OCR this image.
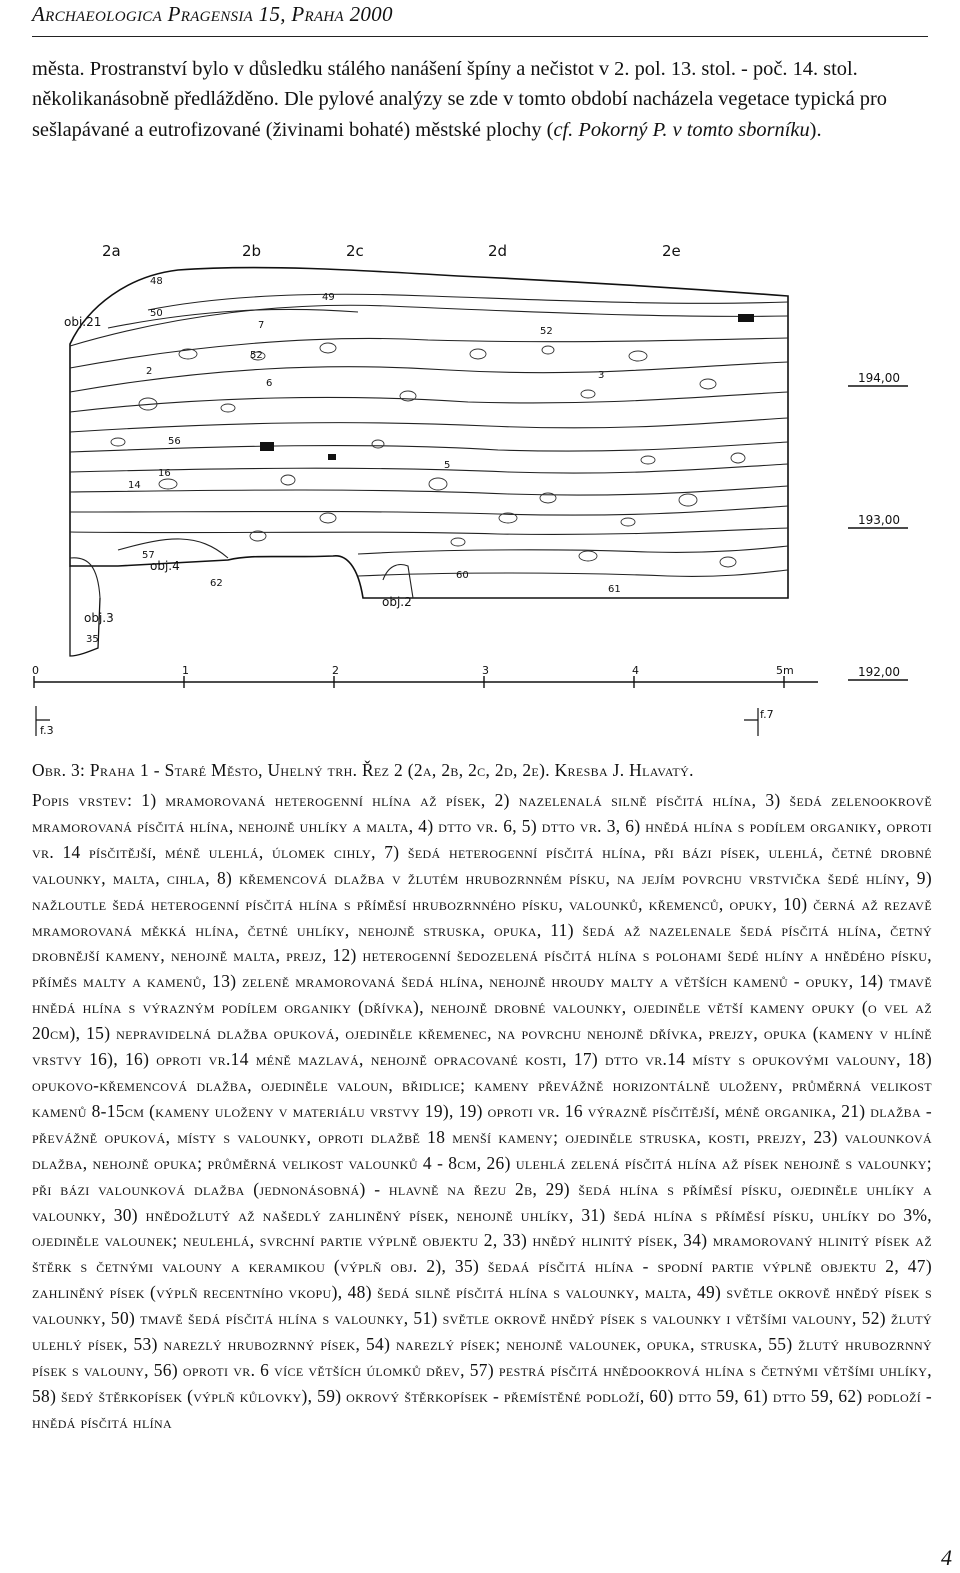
Archaeologica Pragensia 15, Praha 2000

města. Prostranství bylo v důsledku stálého nanášení špíny a nečistot v 2. pol. 13. stol. - poč. 14. stol. několikanásobně předlážděno. Dle pylové analýzy se zde v tomto období nacházela vegetace typická pro sešlapávané a eutrofizované (živinami bohaté) městské plochy (cf. Pokorný P. v tomto sborníku).

2a	2b	2c	2d	2e
48
50
49
7
52
52
2
6
56
16
14
57
62
35
60
61
3
5
obj.21
obj.4
obj.3
obj.2
194,00
193,00
192,00
0	1	2	3	4	5m
f.3
f.7
Obr. 3: Praha 1 - Staré Město, Uhelný trh. Řez 2 (2a, 2b, 2c, 2d, 2e). Kresba J. Hlavatý.

Popis vrstev: 1) mramorovaná heterogenní hlína až písek, 2) nazelenalá silně písčitá hlína, 3) šedá zelenookrově mramorovaná písčitá hlína, nehojně uhlíky a malta, 4) dtto vr. 6, 5) dtto vr. 3, 6) hnědá hlína s podílem organiky, oproti vr. 14 písčitější, méně ulehlá, úlomek cihly, 7) šedá heterogenní písčitá hlína, při bázi písek, ulehlá, četné drobné valounky, malta, cihla, 8) křemencová dlažba v žlutém hrubozrnném písku, na jejím povrchu vrstvička šedé hlíny, 9) nažloutle šedá heterogenní písčitá hlína s příměsí hrubozrnného písku, valounků, křemenců, opuky, 10) černá až rezavě mramorovaná měkká hlína, četné uhlíky, nehojně struska, opuka, 11) šedá až nazelenale šedá písčitá hlína, četný drobnější kameny, nehojně malta, prejz, 12) heterogenní šedozelená písčitá hlína s polohami šedé hlíny a hnědého písku, příměs malty a kamenů, 13) zeleně mramorovaná šedá hlína, nehojně hroudy malty a větších kamenů - opuky, 14) tmavě hnědá hlína s výrazným podílem organiky (dřívka), nehojně drobné valounky, ojediněle větší kameny opuky (o vel až 20cm), 15) nepravidelná dlažba opuková, ojediněle křemenec, na povrchu nehojně dřívka, prejzy, opuka (kameny v hlíně vrstvy 16), 16) oproti vr.14 méně mazlavá, nehojně opracované kosti, 17) dtto vr.14 místy s opukovými valouny, 18) opukovo-křemencová dlažba, ojediněle valoun, břidlice; kameny převážně horizontálně uloženy, průměrná velikost kamenů 8-15cm (kameny uloženy v materiálu vrstvy 19), 19) oproti vr. 16 výrazně písčitější, méně organika, 21) dlažba - převážně opuková, místy s valounky, oproti dlažbě 18 menší kameny; ojediněle struska, kosti, prejzy, 23) valounková dlažba, nehojně opuka; průměrná velikost valounků 4 - 8cm, 26) ulehlá zelená písčitá hlína až písek nehojně s valounky; při bázi valounková dlažba (jednonásobná) - hlavně na řezu 2b, 29) šedá hlína s příměsí písku, ojediněle uhlíky a valounky, 30) hnědožlutý až našedlý zahliněný písek, nehojně uhlíky, 31) šedá hlína s příměsí písku, uhlíky do 3%, ojediněle valounek; neulehlá, svrchní partie výplně objektu 2, 33) hnědý hlinitý písek, 34) mramorovaný hlinitý písek až štěrk s četnými valouny a keramikou (výplň obj. 2), 35) šedaá písčitá hlína - spodní partie výplně objektu 2, 47) zahliněný písek (výplň recentního vkopu), 48) šedá silně písčitá hlína s valounky, malta, 49) světle okrově hnědý písek s valounky, 50) tmavě šedá písčitá hlína s valounky, 51) světle okrově hnědý písek s valounky i většími valouny, 52) žlutý ulehlý písek, 53) narezlý hrubozrnný písek, 54) narezlý písek; nehojně valounek, opuka, struska, 55) žlutý hrubozrnný písek s valouny, 56) oproti vr. 6 více větších úlomků dřev, 57) pestrá písčitá hnědookrová hlína s četnými většími uhlíky, 58) šedý štěrkopísek (výplň kůlovky), 59) okrový štěrkopísek - přemístěné podloží, 60) dtto 59, 61) dtto 59, 62) podloží - hnědá písčitá hlína

4
